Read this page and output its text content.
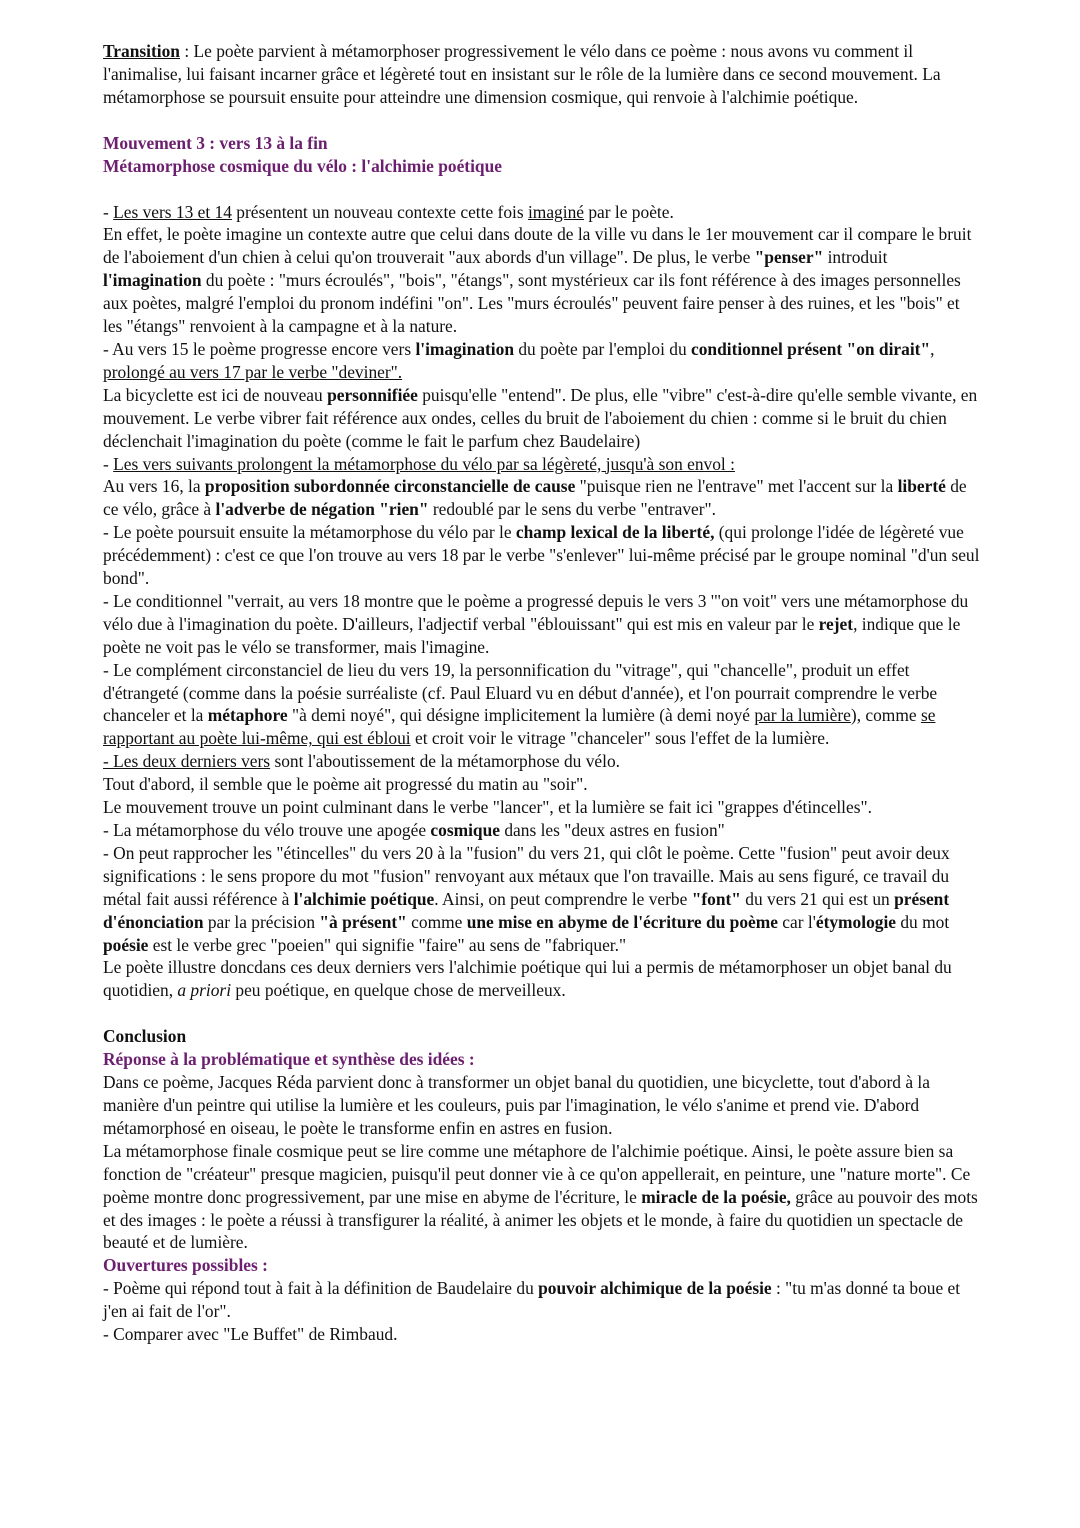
Transition : Le poète parvient à métamorphoser progressivement le vélo dans ce poème : nous avons vu comment il l'animalise, lui faisant incarner grâce et légèreté tout en insistant sur le rôle de la lumière dans ce second mouvement. La métamorphose se poursuit ensuite pour atteindre une dimension cosmique, qui renvoie à l'alchimie poétique.

Mouvement 3 : vers 13 à la fin

Métamorphose cosmique du vélo : l'alchimie poétique

- Les vers 13 et 14 présentent un nouveau contexte cette fois imaginé par le poète.

En effet, le poète imagine un contexte autre que celui dans doute de la ville vu dans le 1er mouvement car il compare le bruit de l'aboiement d'un chien à celui qu'on trouverait "aux abords d'un village". De plus, le verbe "penser" introduit l'imagination du poète : "murs écroulés", "bois", "étangs", sont mystérieux car ils font référence à des images personnelles aux poètes, malgré l'emploi du pronom indéfini "on". Les "murs écroulés" peuvent faire penser à des ruines, et les "bois" et les "étangs" renvoient à la campagne et à la nature.

- Au vers 15 le poème progresse encore vers l'imagination du poète par l'emploi du conditionnel présent "on dirait", prolongé au vers 17 par le verbe "deviner".

La bicyclette est ici de nouveau personnifiée puisqu'elle "entend". De plus, elle "vibre" c'est-à-dire qu'elle semble vivante, en mouvement. Le verbe vibrer fait référence aux ondes, celles du bruit de l'aboiement du chien : comme si le bruit du chien déclenchait l'imagination du poète (comme le fait le parfum chez Baudelaire)

- Les vers suivants prolongent la métamorphose du vélo par sa légèreté, jusqu'à son envol :

Au vers 16, la proposition subordonnée circonstancielle de cause "puisque rien ne l'entrave" met l'accent sur la liberté de ce vélo, grâce à l'adverbe de négation "rien" redoublé par le sens du verbe "entraver".

- Le poète poursuit ensuite la métamorphose du vélo par le champ lexical de la liberté, (qui prolonge l'idée de légèreté vue précédemment) : c'est ce que l'on trouve au vers 18 par le verbe "s'enlever" lui-même précisé par le groupe nominal "d'un seul bond".

- Le conditionnel "verrait, au vers 18 montre que le poème a progressé depuis le vers 3 '"on voit" vers une métamorphose du vélo due à l'imagination du poète. D'ailleurs, l'adjectif verbal "éblouissant" qui est mis en valeur par le rejet, indique que le poète ne voit pas le vélo se transformer, mais l'imagine.

- Le complément circonstanciel de lieu du vers 19, la personnification du "vitrage", qui "chancelle", produit un effet d'étrangeté (comme dans la poésie surréaliste (cf. Paul Eluard vu en début d'année), et l'on pourrait comprendre le verbe chanceler et la métaphore "à demi noyé", qui désigne implicitement la lumière (à demi noyé par la lumière), comme se rapportant au poète lui-même, qui est ébloui et croit voir le vitrage "chanceler" sous l'effet de la lumière.

- Les deux derniers vers sont l'aboutissement de la métamorphose du vélo.

Tout d'abord, il semble que le poème ait progressé du matin au "soir".

Le mouvement trouve un point culminant dans le verbe "lancer", et la lumière se fait ici "grappes d'étincelles".

- La métamorphose du vélo trouve une apogée cosmique dans les "deux astres en fusion"

- On peut rapprocher les "étincelles" du vers 20 à la "fusion" du vers 21, qui clôt le poème. Cette "fusion" peut avoir deux significations : le sens propore du mot "fusion" renvoyant aux métaux que l'on travaille. Mais au sens figuré, ce travail du métal fait aussi référence à l'alchimie poétique. Ainsi, on peut comprendre le verbe "font" du vers 21 qui est un présent d'énonciation par la précision "à présent" comme une mise en abyme de l'écriture du poème car l'étymologie du mot poésie est le verbe grec "poeien" qui signifie "faire" au sens de "fabriquer."

Le poète illustre doncdans ces deux derniers vers l'alchimie poétique qui lui a permis de métamorphoser un objet banal du quotidien, a priori peu poétique, en quelque chose de merveilleux.

Conclusion

Réponse à la problématique et synthèse des idées :

Dans ce poème, Jacques Réda parvient donc à transformer un objet banal du quotidien, une bicyclette, tout d'abord à la manière d'un peintre qui utilise la lumière et les couleurs, puis par l'imagination, le vélo s'anime et prend vie. D'abord métamorphosé en oiseau, le poète le transforme enfin en astres en fusion.

La métamorphose finale cosmique peut se lire comme une métaphore de l'alchimie poétique. Ainsi, le poète assure bien sa fonction de "créateur" presque magicien, puisqu'il peut donner vie à ce qu'on appellerait, en peinture, une "nature morte". Ce poème montre donc progressivement, par une mise en abyme de l'écriture, le miracle de la poésie, grâce au pouvoir des mots et des images : le poète a réussi à transfigurer la réalité, à animer les objets et le monde, à faire du quotidien un spectacle de beauté et de lumière.

Ouvertures possibles :

- Poème qui répond tout à fait à la définition de Baudelaire du pouvoir alchimique de la poésie : "tu m'as donné ta boue et j'en ai fait de l'or".

- Comparer avec "Le Buffet" de Rimbaud.
